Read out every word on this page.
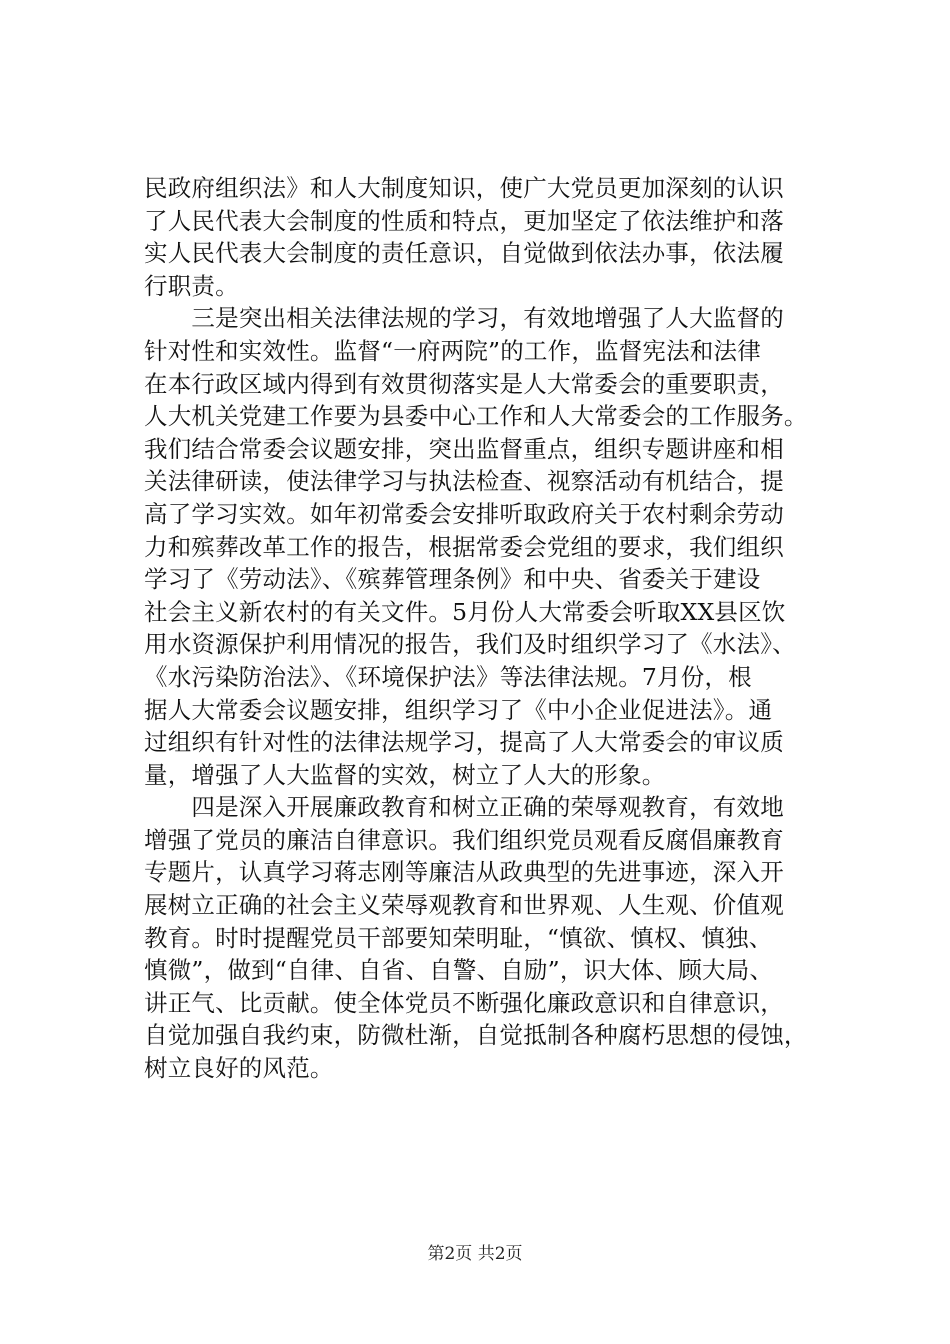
民政府组织法》和人大制度知识，使广大党员更加深刻的认识
了人民代表大会制度的性质和特点，更加坚定了依法维护和落
实人民代表大会制度的责任意识，自觉做到依法办事，依法履
行职责。
　　三是突出相关法律法规的学习，有效地增强了人大监督的
针对性和实效性。监督“一府两院”的工作，监督宪法和法律
在本行政区域内得到有效贯彻落实是人大常委会的重要职责，
人大机关党建工作要为县委中心工作和人大常委会的工作服务。
我们结合常委会议题安排，突出监督重点，组织专题讲座和相
关法律研读，使法律学习与执法检查、视察活动有机结合，提
高了学习实效。如年初常委会安排听取政府关于农村剩余劳动
力和殡葬改革工作的报告，根据常委会党组的要求，我们组织
学习了《劳动法》、《殡葬管理条例》和中央、省委关于建设
社会主义新农村的有关文件。5月份人大常委会听取XX县区饮
用水资源保护利用情况的报告，我们及时组织学习了《水法》、
《水污染防治法》、《环境保护法》等法律法规。7月份，根
据人大常委会议题安排，组织学习了《中小企业促进法》。通
过组织有针对性的法律法规学习，提高了人大常委会的审议质
量，增强了人大监督的实效，树立了人大的形象。
　　四是深入开展廉政教育和树立正确的荣辱观教育，有效地
增强了党员的廉洁自律意识。我们组织党员观看反腐倡廉教育
专题片，认真学习蒋志刚等廉洁从政典型的先进事迹，深入开
展树立正确的社会主义荣辱观教育和世界观、人生观、价值观
教育。时时提醒党员干部要知荣明耻，“慎欲、慎权、慎独、
慎微”，做到“自律、自省、自警、自励”，识大体、顾大局、
讲正气、比贡献。使全体党员不断强化廉政意识和自律意识，
自觉加强自我约束，防微杜渐，自觉抵制各种腐朽思想的侵蚀，
树立良好的风范。
第2页 共2页
